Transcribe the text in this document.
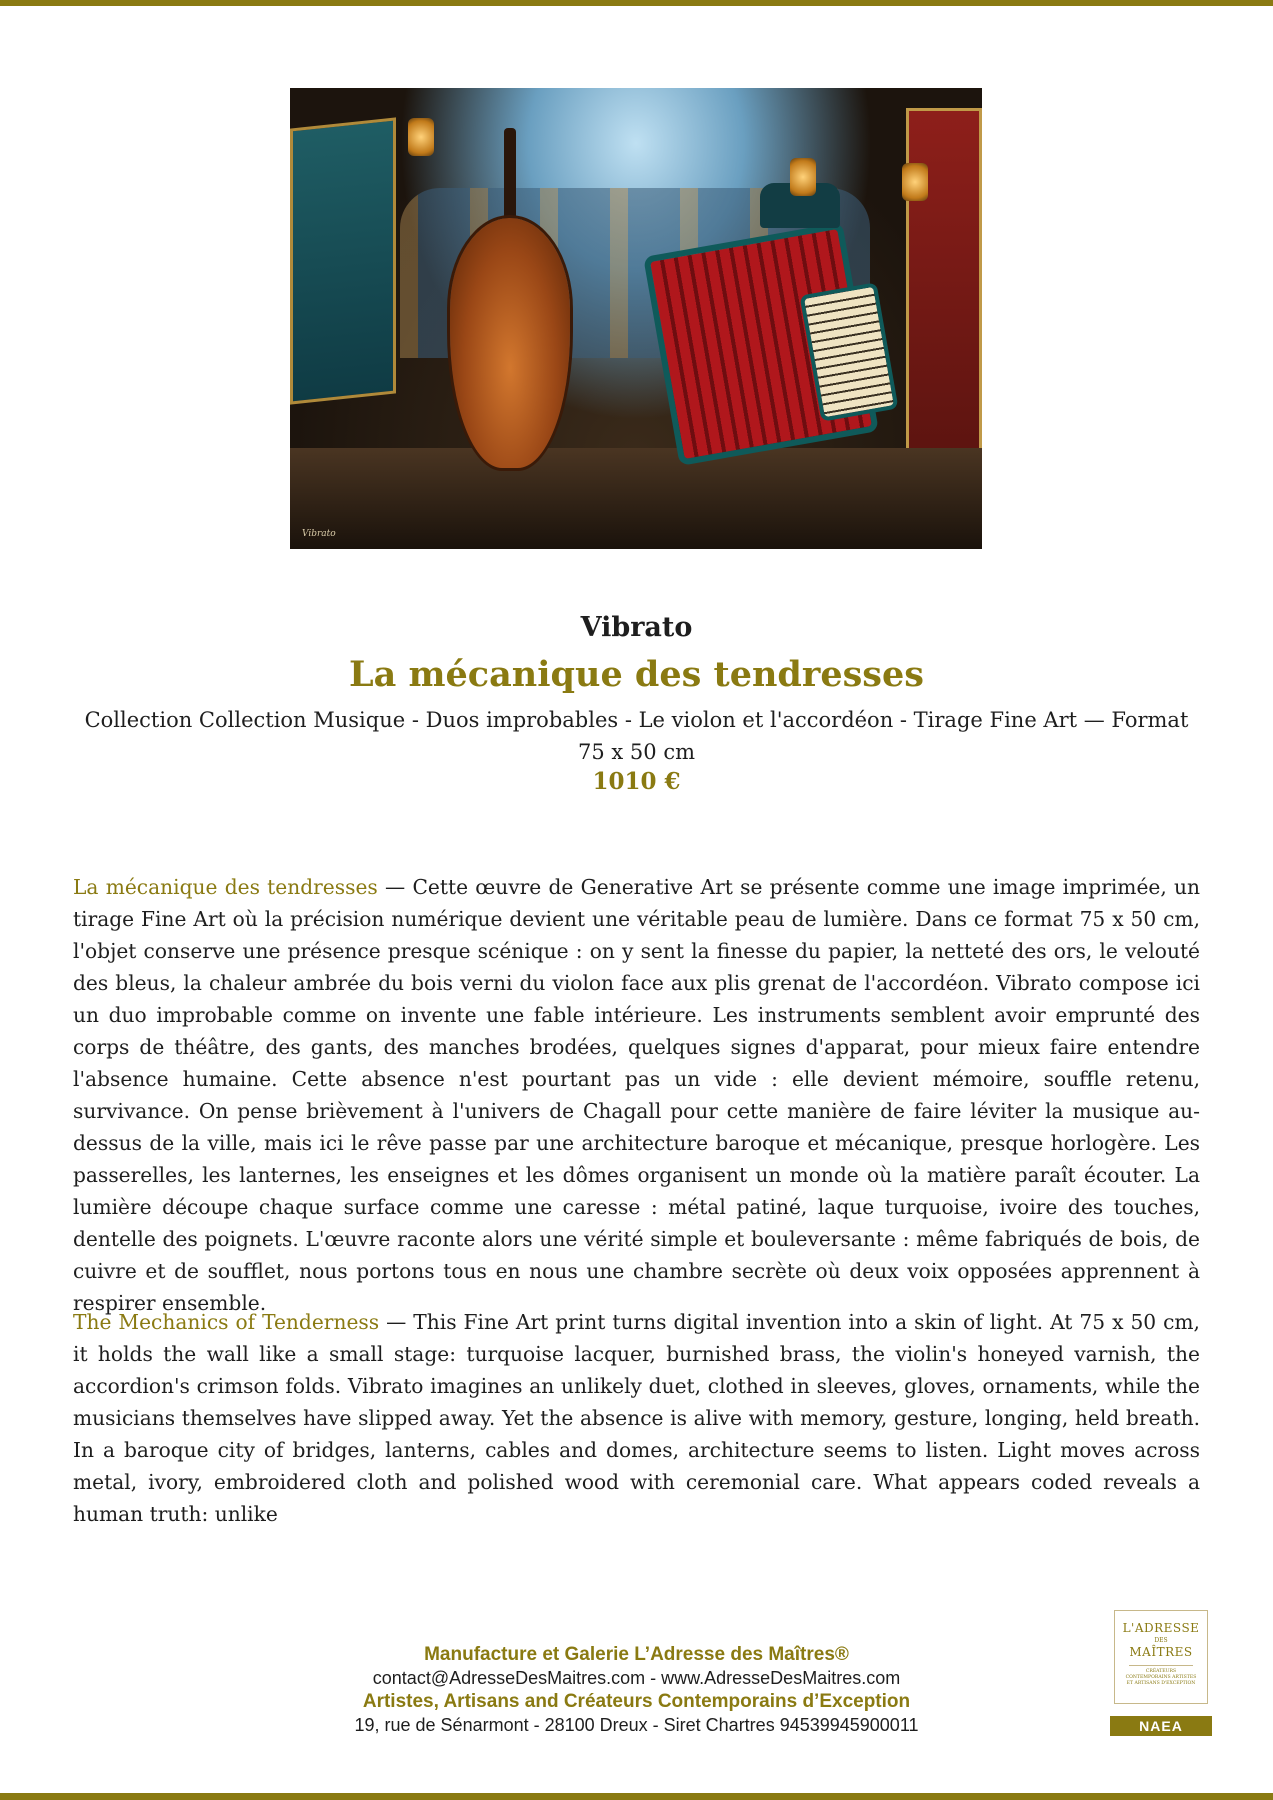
Vibrato
Vibrato
La mécanique des tendresses
Collection Collection Musique - Duos improbables - Le violon et l'accordéon - Tirage Fine Art — Format 75 x 50 cm
1010 €

La mécanique des tendresses — Cette œuvre de Generative Art se présente comme une image imprimée, un tirage Fine Art où la précision numérique devient une véritable peau de lumière. Dans ce format 75 x 50 cm, l'objet conserve une présence presque scénique : on y sent la finesse du papier, la netteté des ors, le velouté des bleus, la chaleur ambrée du bois verni du violon face aux plis grenat de l'accordéon. Vibrato compose ici un duo improbable comme on invente une fable intérieure. Les instruments semblent avoir emprunté des corps de théâtre, des gants, des manches brodées, quelques signes d'apparat, pour mieux faire entendre l'absence humaine. Cette absence n'est pourtant pas un vide : elle devient mémoire, souffle retenu, survivance. On pense brièvement à l'univers de Chagall pour cette manière de faire léviter la musique au-dessus de la ville, mais ici le rêve passe par une architecture baroque et mécanique, presque horlogère. Les passerelles, les lanternes, les enseignes et les dômes organisent un monde où la matière paraît écouter. La lumière découpe chaque surface comme une caresse : métal patiné, laque turquoise, ivoire des touches, dentelle des poignets. L'œuvre raconte alors une vérité simple et bouleversante : même fabriqués de bois, de cuivre et de soufflet, nous portons tous en nous une chambre secrète où deux voix opposées apprennent à respirer ensemble.

The Mechanics of Tenderness — This Fine Art print turns digital invention into a skin of light. At 75 x 50 cm, it holds the wall like a small stage: turquoise lacquer, burnished brass, the violin's honeyed varnish, the accordion's crimson folds. Vibrato imagines an unlikely duet, clothed in sleeves, gloves, ornaments, while the musicians themselves have slipped away. Yet the absence is alive with memory, gesture, longing, held breath. In a baroque city of bridges, lanterns, cables and domes, architecture seems to listen. Light moves across metal, ivory, embroidered cloth and polished wood with ceremonial care. What appears coded reveals a human truth: unlike

Manufacture et Galerie L’Adresse des Maîtres®
contact@AdresseDesMaitres.com - www.AdresseDesMaitres.com
Artistes, Artisans and Créateurs Contemporains d’Exception
19, rue de Sénarmont - 28100 Dreux - Siret Chartres 94539945900011
L'ADRESSE
DES
MAÎTRES
CRÉATEURS CONTEMPORAINS ARTISTES ET ARTISANS D'EXCEPTION
NAEA
